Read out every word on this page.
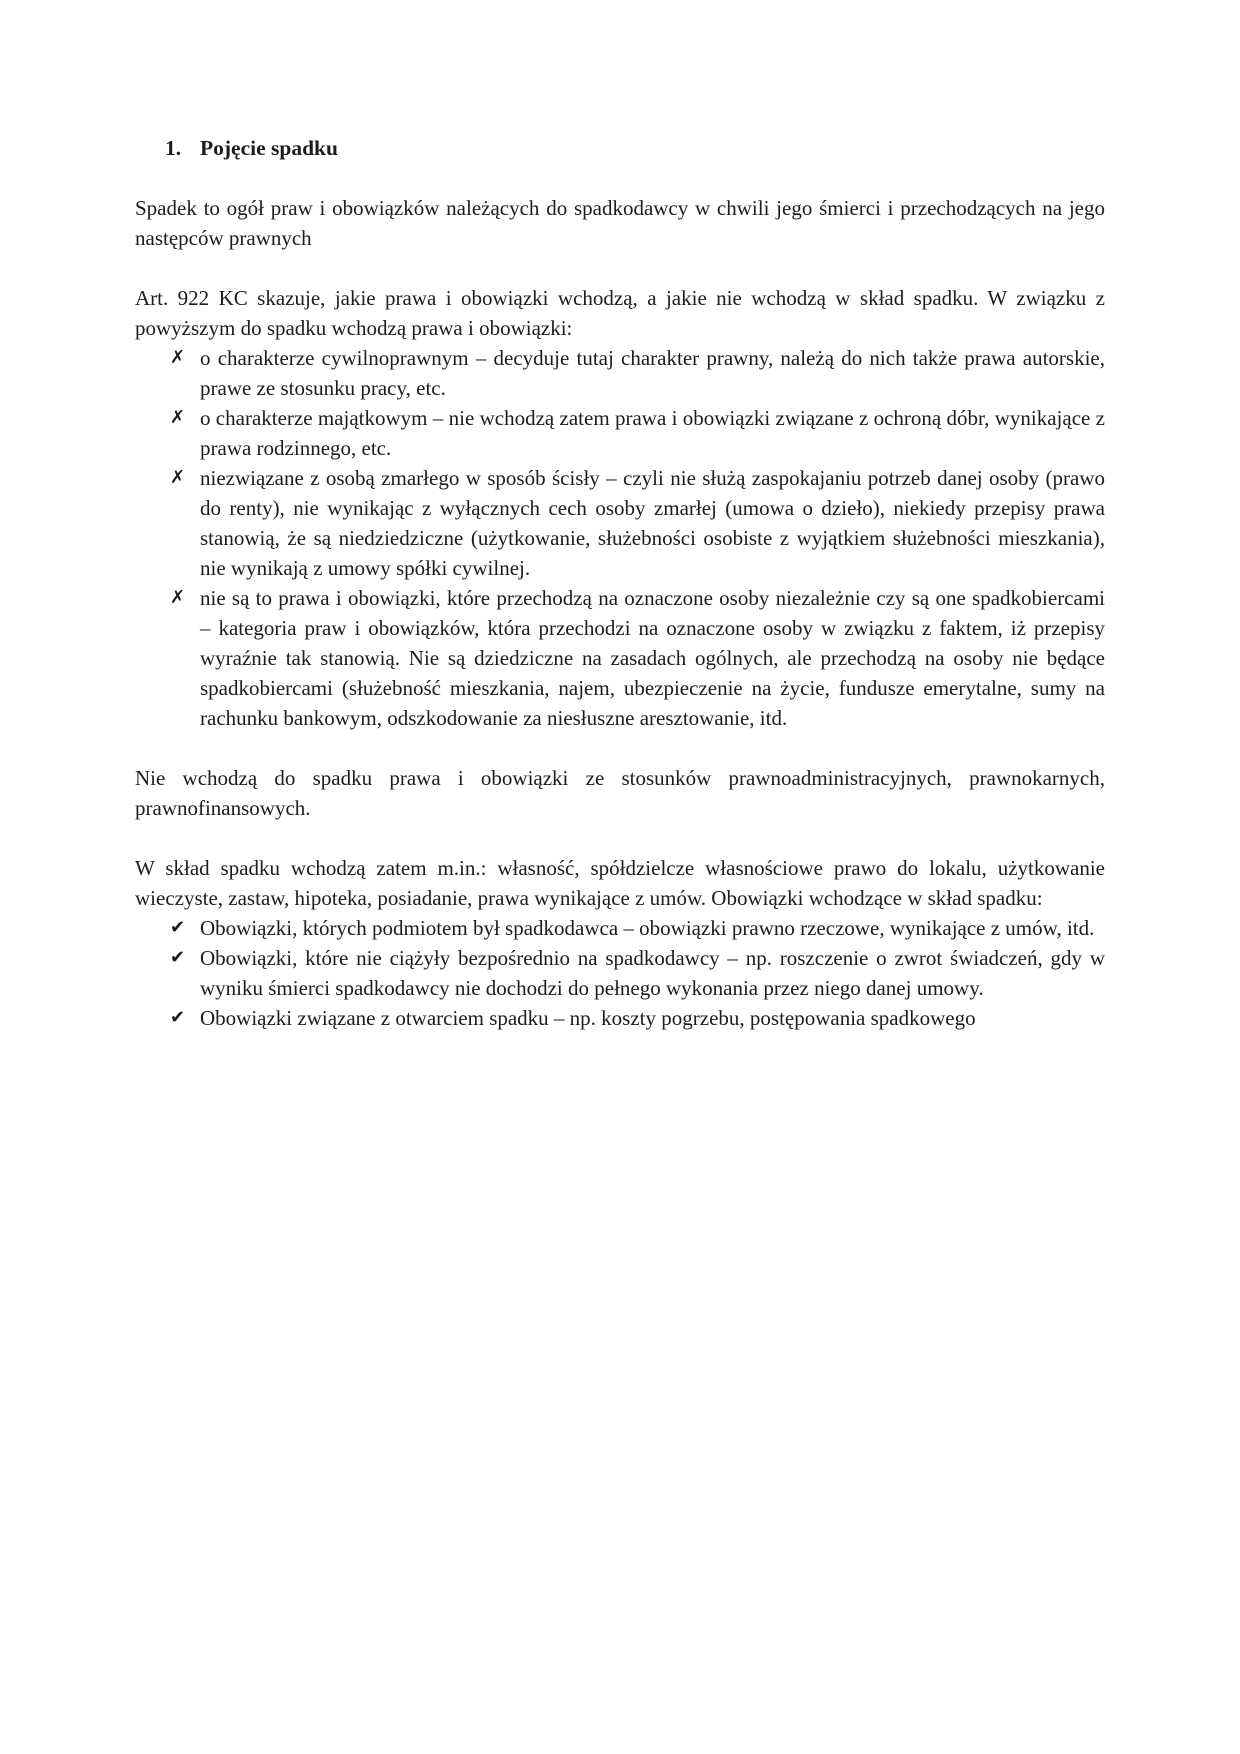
1. Pojęcie spadku

Spadek to ogół praw i obowiązków należących do spadkodawcy w chwili jego śmierci i przechodzących na jego następców prawnych

Art. 922 KC skazuje, jakie prawa i obowiązki wchodzą, a jakie nie wchodzą w skład spadku. W związku z powyższym do spadku wchodzą prawa i obowiązki:

✗ o charakterze cywilnoprawnym – decyduje tutaj charakter prawny, należą do nich także prawa autorskie, prawe ze stosunku pracy, etc.
✗ o charakterze majątkowym – nie wchodzą zatem prawa i obowiązki związane z ochroną dóbr, wynikające z prawa rodzinnego, etc.
✗ niezwiązane z osobą zmarłego w sposób ścisły – czyli nie służą zaspokajaniu potrzeb danej osoby (prawo do renty), nie wynikając z wyłącznych cech osoby zmarłej (umowa o dzieło), niekiedy przepisy prawa stanowią, że są niedziedziczne (użytkowanie, służebności osobiste z wyjątkiem służebności mieszkania), nie wynikają z umowy spółki cywilnej.
✗ nie są to prawa i obowiązki, które przechodzą na oznaczone osoby niezależnie czy są one spadkobiercami – kategoria praw i obowiązków, która przechodzi na oznaczone osoby w związku z faktem, iż przepisy wyraźnie tak stanowią. Nie są dziedziczne na zasadach ogólnych, ale przechodzą na osoby nie będące spadkobiercami (służebność mieszkania, najem, ubezpieczenie na życie, fundusze emerytalne, sumy na rachunku bankowym, odszkodowanie za niesłuszne aresztowanie, itd.

Nie wchodzą do spadku prawa i obowiązki ze stosunków prawnoadministracyjnych, prawnokarnych, prawnofinansowych.

W skład spadku wchodzą zatem m.in.: własność, spółdzielcze własnościowe prawo do lokalu, użytkowanie wieczyste, zastaw, hipoteka, posiadanie, prawa wynikające z umów. Obowiązki wchodzące w skład spadku:

✔ Obowiązki, których podmiotem był spadkodawca – obowiązki prawno rzeczowe, wynikające z umów, itd.
✔ Obowiązki, które nie ciążyły bezpośrednio na spadkodawcy – np. roszczenie o zwrot świadczeń, gdy w wyniku śmierci spadkodawcy nie dochodzi do pełnego wykonania przez niego danej umowy.
✔ Obowiązki związane z otwarciem spadku – np. koszty pogrzebu, postępowania spadkowego
